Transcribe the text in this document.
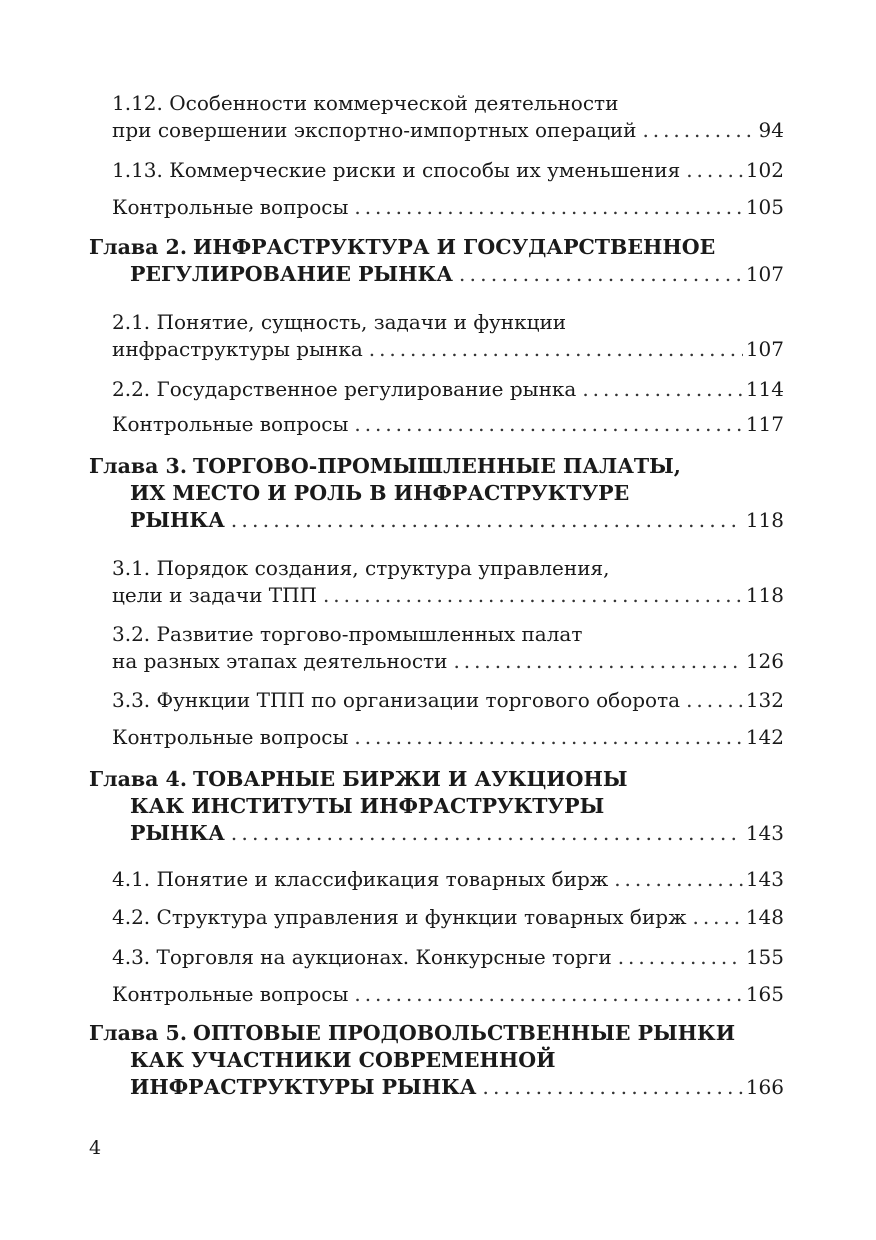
1.12. Особенности коммерческой деятельности
при совершении экспортно-импортных операций . . .	94
1.13. Коммерческие риски и способы их уменьшения . . .	102
Контрольные вопросы . . .	105
Глава 2. ИНФРАСТРУКТУРА И ГОСУДАРСТВЕННОЕ
РЕГУЛИРОВАНИЕ РЫНКА . . .	107
2.1. Понятие, сущность, задачи и функции
инфраструктуры рынка . . .	107
2.2. Государственное регулирование рынка . . .	114
Контрольные вопросы . . .	117
Глава 3. ТОРГОВО-ПРОМЫШЛЕННЫЕ ПАЛАТЫ,
ИХ МЕСТО И РОЛЬ В ИНФРАСТРУКТУРЕ
РЫНКА . . .	118
3.1. Порядок создания, структура управления,
цели и задачи ТПП . . .	118
3.2. Развитие торгово-промышленных палат
на разных этапах деятельности . . .	126
3.3. Функции ТПП по организации торгового оборота . . .	132
Контрольные вопросы . . .	142
Глава 4. ТОВАРНЫЕ БИРЖИ И АУКЦИОНЫ
КАК ИНСТИТУТЫ ИНФРАСТРУКТУРЫ
РЫНКА . . .	143
4.1. Понятие и классификация товарных бирж . . .	143
4.2. Структура управления и функции товарных бирж . . .	148
4.3. Торговля на аукционах. Конкурсные торги . . .	155
Контрольные вопросы . . .	165
Глава 5. ОПТОВЫЕ ПРОДОВОЛЬСТВЕННЫЕ РЫНКИ
КАК УЧАСТНИКИ СОВРЕМЕННОЙ
ИНФРАСТРУКТУРЫ РЫНКА . . .	166
4
